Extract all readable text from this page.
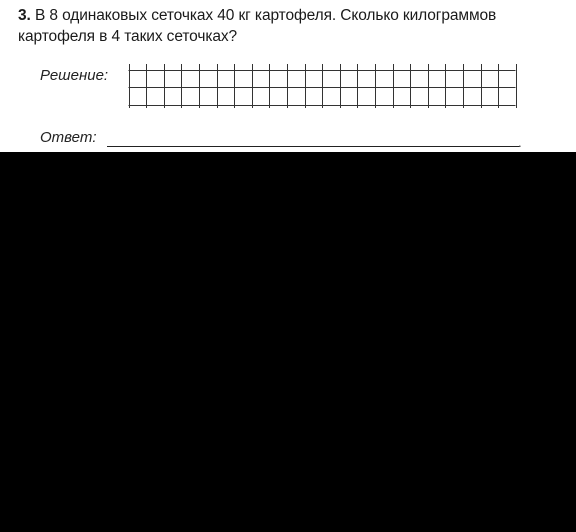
3. В 8 одинаковых сеточках 40 кг картофеля. Сколько килограммов картофеля в 4 таких сеточках?
Решение:
Ответ:	.
